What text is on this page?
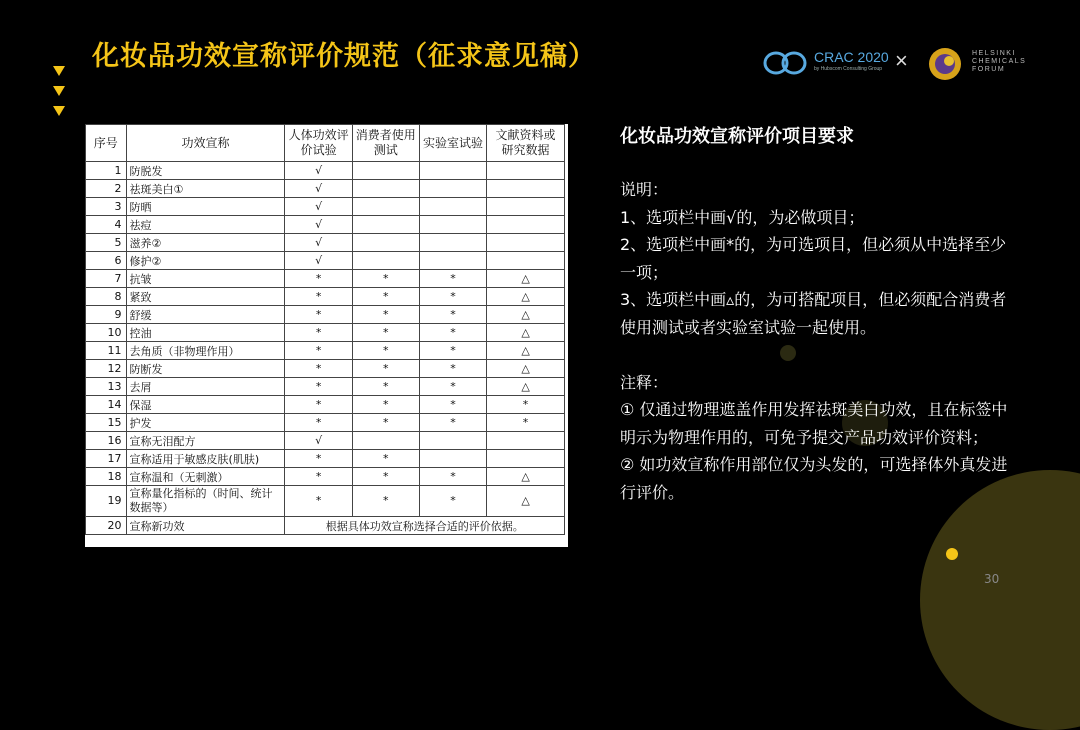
化妆品功效宣称评价规范（征求意见稿）	CRAC 2020
by Hubscom Consulting Group ×	HELSINKI
CHEMICALS
FORUM
序号	功效宣称	人体功效评价试验	消费者使用测试	实验室试验	文献资料或研究数据
1	防脱发	√			
2	祛斑美白①	√			
3	防晒	√			
4	祛痘	√			
5	滋养②	√			
6	修护②	√			
7	抗皱	*	*	*	△
8	紧致	*	*	*	△
9	舒缓	*	*	*	△
10	控油	*	*	*	△
11	去角质（非物理作用）	*	*	*	△
12	防断发	*	*	*	△
13	去屑	*	*	*	△
14	保湿	*	*	*	*
15	护发	*	*	*	*
16	宣称无泪配方	√			
17	宣称适用于敏感皮肤(肌肤)	*	*		
18	宣称温和（无刺激）	*	*	*	△
19	宣称量化指标的（时间、统计数据等）	*	*	*	△
20	宣称新功效	根据具体功效宣称选择合适的评价依据。			
化妆品功效宣称评价项目要求

说明：

1、选项栏中画√的，为必做项目；

2、选项栏中画*的，为可选项目，但必须从中选择至少一项；

3、选项栏中画▵的，为可搭配项目，但必须配合消费者使用测试或者实验室试验一起使用。

注释：

① 仅通过物理遮盖作用发挥祛斑美白功效，且在标签中明示为物理作用的，可免予提交产品功效评价资料；

② 如功效宣称作用部位仅为头发的，可选择体外真发进行评价。

30
